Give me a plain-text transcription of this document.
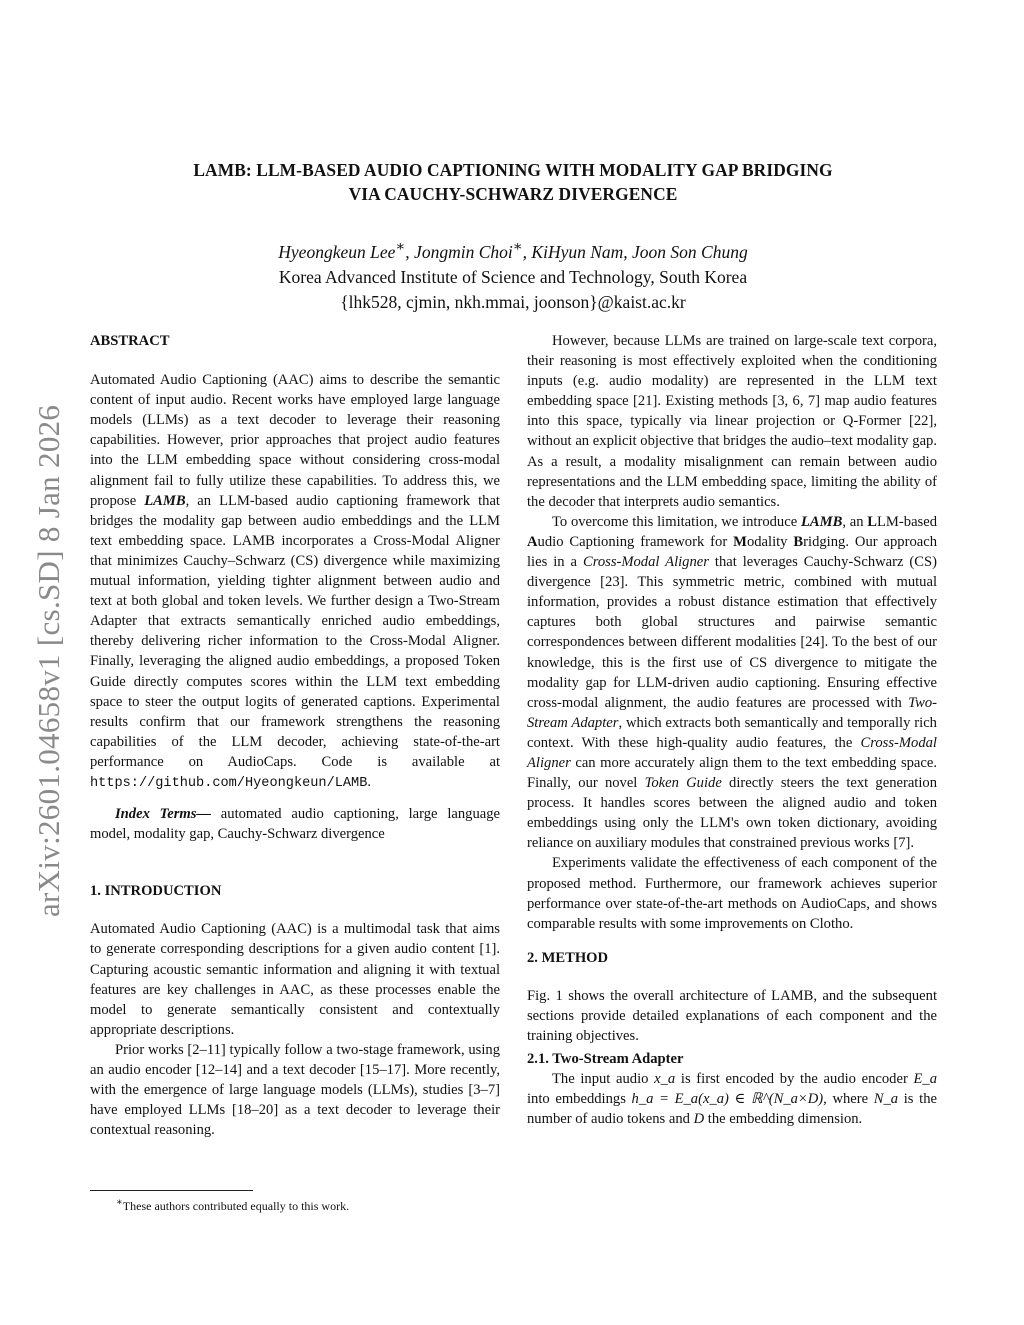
arXiv:2601.04658v1 [cs.SD] 8 Jan 2026
LAMB: LLM-BASED AUDIO CAPTIONING WITH MODALITY GAP BRIDGING
VIA CAUCHY-SCHWARZ DIVERGENCE
Hyeongkeun Lee∗, Jongmin Choi∗, KiHyun Nam, Joon Son Chung
Korea Advanced Institute of Science and Technology, South Korea
{lhk528, cjmin, nkh.mmai, joonson}@kaist.ac.kr

ABSTRACT

Automated Audio Captioning (AAC) aims to describe the semantic content of input audio. Recent works have employed large language models (LLMs) as a text decoder to leverage their reasoning capabilities. However, prior approaches that project audio features into the LLM embedding space without considering cross-modal alignment fail to fully utilize these capabilities. To address this, we propose LAMB, an LLM-based audio captioning framework that bridges the modality gap between audio embeddings and the LLM text embedding space. LAMB incorporates a Cross-Modal Aligner that minimizes Cauchy–Schwarz (CS) divergence while maximizing mutual information, yielding tighter alignment between audio and text at both global and token levels. We further design a Two-Stream Adapter that extracts semantically enriched audio embeddings, thereby delivering richer information to the Cross-Modal Aligner. Finally, leveraging the aligned audio embeddings, a proposed Token Guide directly computes scores within the LLM text embedding space to steer the output logits of generated captions. Experimental results confirm that our framework strengthens the reasoning capabilities of the LLM decoder, achieving state-of-the-art performance on AudioCaps. Code is available at https://github.com/Hyeongkeun/LAMB.

Index Terms— automated audio captioning, large language model, modality gap, Cauchy-Schwarz divergence

1. INTRODUCTION

Automated Audio Captioning (AAC) is a multimodal task that aims to generate corresponding descriptions for a given audio content [1]. Capturing acoustic semantic information and aligning it with textual features are key challenges in AAC, as these processes enable the model to generate semantically consistent and contextually appropriate descriptions.

Prior works [2–11] typically follow a two-stage framework, using an audio encoder [12–14] and a text decoder [15–17]. More recently, with the emergence of large language models (LLMs), studies [3–7] have employed LLMs [18–20] as a text decoder to leverage their contextual reasoning.

∗These authors contributed equally to this work.

However, because LLMs are trained on large-scale text corpora, their reasoning is most effectively exploited when the conditioning inputs (e.g. audio modality) are represented in the LLM text embedding space [21]. Existing methods [3, 6, 7] map audio features into this space, typically via linear projection or Q-Former [22], without an explicit objective that bridges the audio–text modality gap. As a result, a modality misalignment can remain between audio representations and the LLM embedding space, limiting the ability of the decoder that interprets audio semantics.

To overcome this limitation, we introduce LAMB, an LLM-based Audio Captioning framework for Modality Bridging. Our approach lies in a Cross-Modal Aligner that leverages Cauchy-Schwarz (CS) divergence [23]. This symmetric metric, combined with mutual information, provides a robust distance estimation that effectively captures both global structures and pairwise semantic correspondences between different modalities [24]. To the best of our knowledge, this is the first use of CS divergence to mitigate the modality gap for LLM-driven audio captioning. Ensuring effective cross-modal alignment, the audio features are processed with Two-Stream Adapter, which extracts both semantically and temporally rich context. With these high-quality audio features, the Cross-Modal Aligner can more accurately align them to the text embedding space. Finally, our novel Token Guide directly steers the text generation process. It handles scores between the aligned audio and token embeddings using only the LLM's own token dictionary, avoiding reliance on auxiliary modules that constrained previous works [7].

Experiments validate the effectiveness of each component of the proposed method. Furthermore, our framework achieves superior performance over state-of-the-art methods on AudioCaps, and shows comparable results with some improvements on Clotho.

2. METHOD

Fig. 1 shows the overall architecture of LAMB, and the subsequent sections provide detailed explanations of each component and the training objectives.

2.1. Two-Stream Adapter

The input audio x_a is first encoded by the audio encoder E_a into embeddings h_a = E_a(x_a) ∈ ℝ^(N_a×D), where N_a is the number of audio tokens and D the embedding dimension.
